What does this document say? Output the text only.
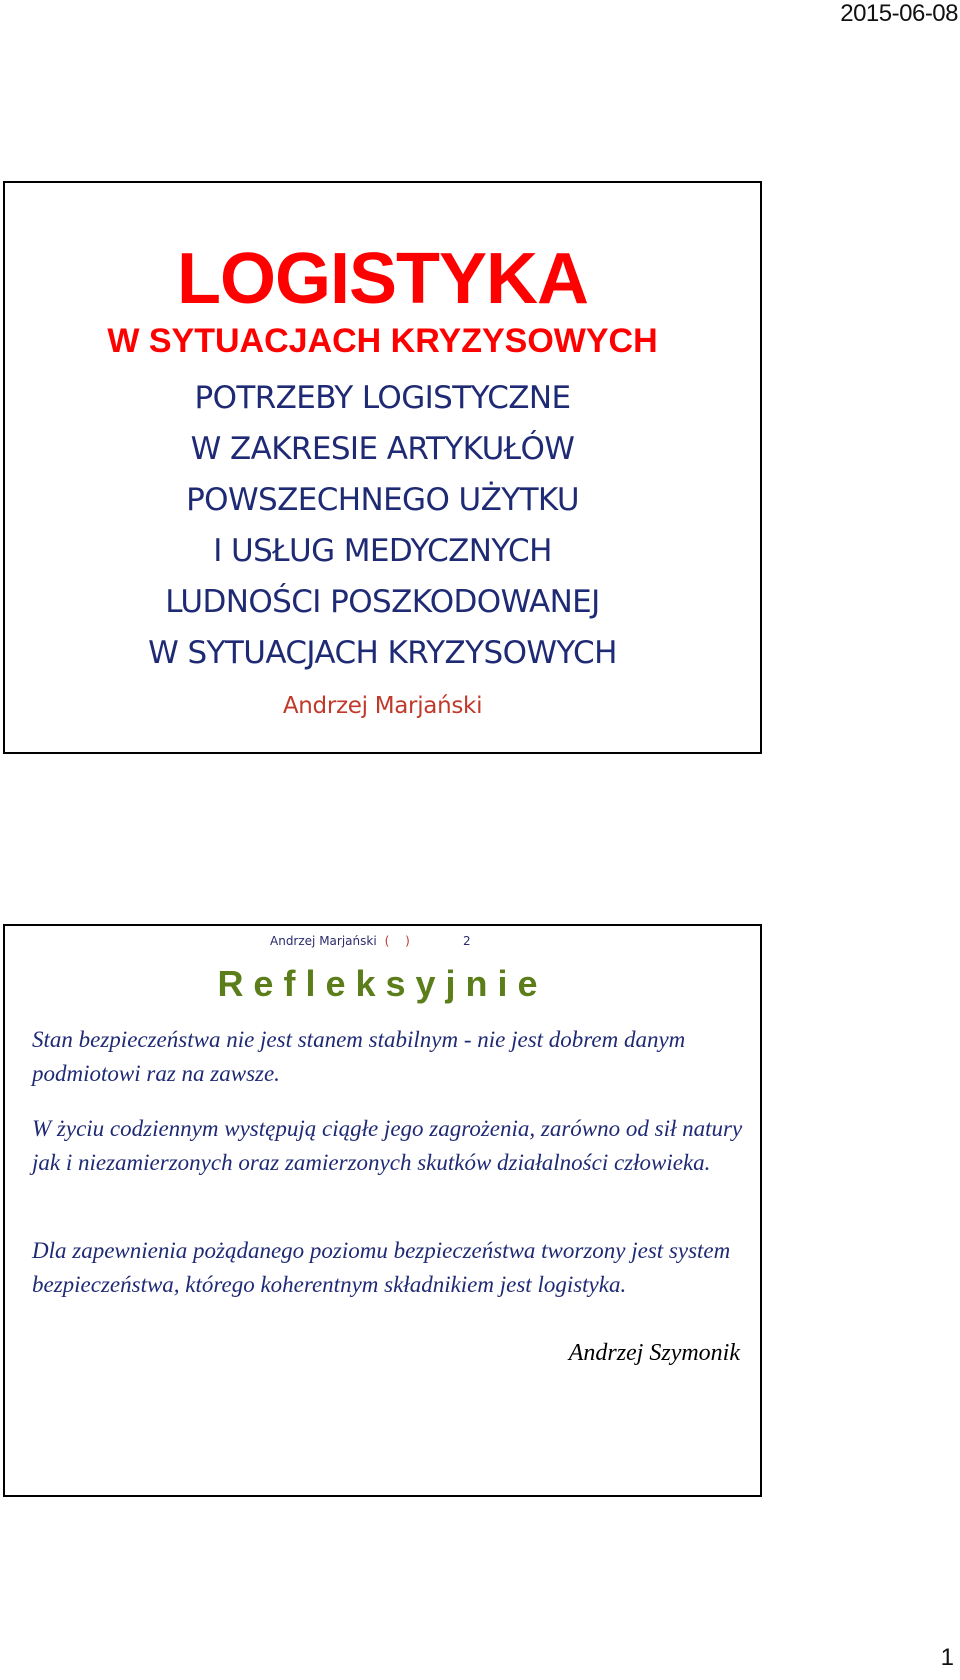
2015-06-08
LOGISTYKA
W SYTUACJACH KRYZYSOWYCH
POTRZEBY LOGISTYCZNE
W ZAKRESIE ARTYKUŁÓW
POWSZECHNEGO UŻYTKU
I USŁUG MEDYCZNYCH
LUDNOŚCI POSZKODOWANEJ
W SYTUACJACH KRYZYSOWYCH
Andrzej Marjański
Andrzej Marjański ( )	2
Refleksyjnie
Stan bezpieczeństwa nie jest stanem stabilnym - nie jest dobrem danym podmiotowi raz na zawsze.
W życiu codziennym występują ciągłe jego zagrożenia, zarówno od sił natury jak i niezamierzonych oraz zamierzonych skutków działalności człowieka.
Dla zapewnienia pożądanego poziomu bezpieczeństwa tworzony jest system bezpieczeństwa, którego koherentnym składnikiem jest logistyka.
Andrzej Szymonik
1
